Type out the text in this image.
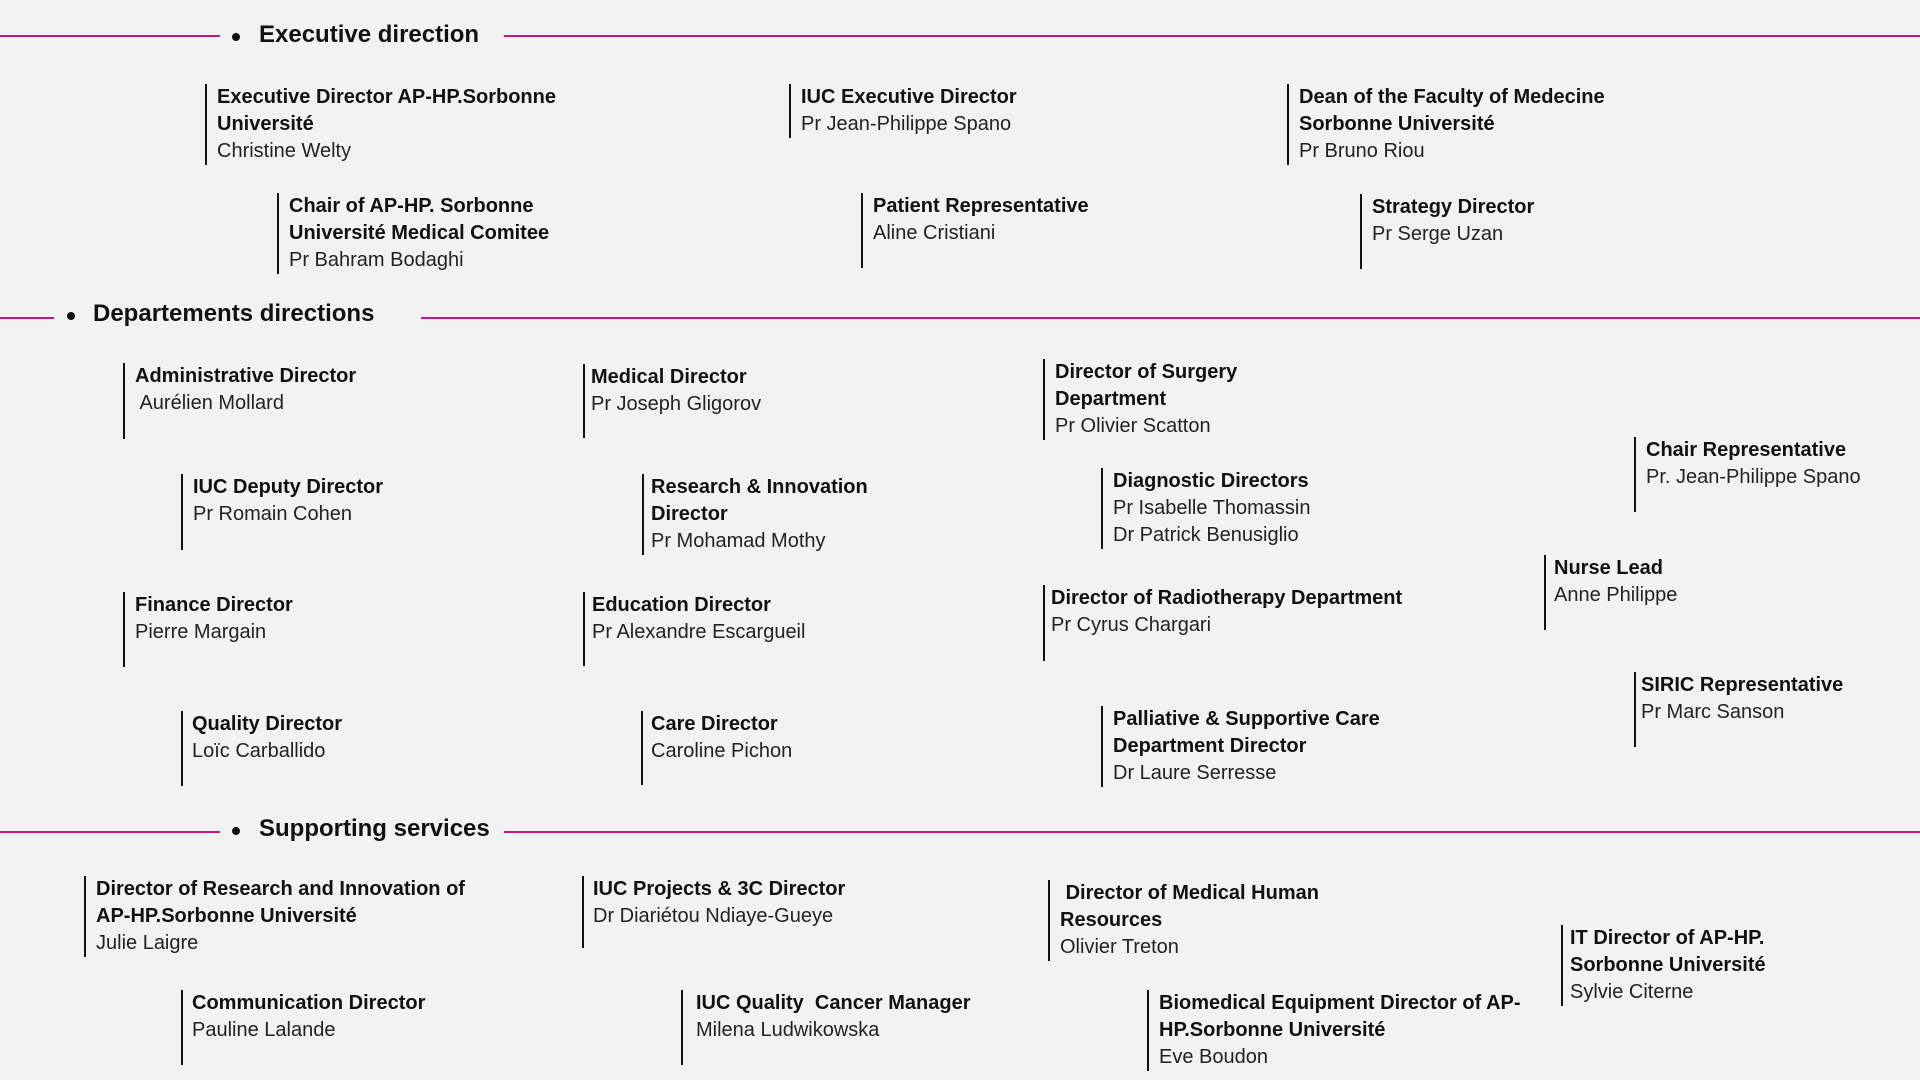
Executive direction
Departements directions
Supporting services
Executive Director AP-HP.Sorbonne Université
Christine Welty
IUC Executive Director
Pr Jean-Philippe Spano
Dean of the Faculty of Medecine Sorbonne Université
Pr Bruno Riou
Chair of AP-HP. Sorbonne Université Medical Comitee
Pr Bahram Bodaghi
Patient Representative
Aline Cristiani
Strategy Director
Pr Serge Uzan
Administrative Director
Aurélien Mollard
Medical Director
Pr Joseph Gligorov
Director of Surgery Department
Pr Olivier Scatton
Chair Representative
Pr. Jean-Philippe Spano
IUC Deputy Director
Pr Romain Cohen
Research & Innovation Director
Pr Mohamad Mothy
Diagnostic Directors
Pr Isabelle Thomassin
Dr Patrick Benusiglio
Nurse Lead
Anne Philippe
Finance Director
Pierre Margain
Education Director
Pr Alexandre Escargueil
Director of Radiotherapy Department
Pr Cyrus Chargari
SIRIC Representative
Pr Marc Sanson
Quality Director
Loïc Carballido
Care Director
Caroline Pichon
Palliative & Supportive Care Department Director
Dr Laure Serresse
Director of Research and Innovation of AP-HP.Sorbonne Université
Julie Laigre
IUC Projects & 3C Director
Dr Diariétou Ndiaye-Gueye
Director of Medical Human Resources
Olivier Treton	IT Director of AP-HP. Sorbonne Université
Sylvie Citerne
Communication Director
Pauline Lalande
IUC Quality  Cancer Manager
Milena Ludwikowska
Biomedical Equipment Director of AP-HP.Sorbonne Université
Eve Boudon
